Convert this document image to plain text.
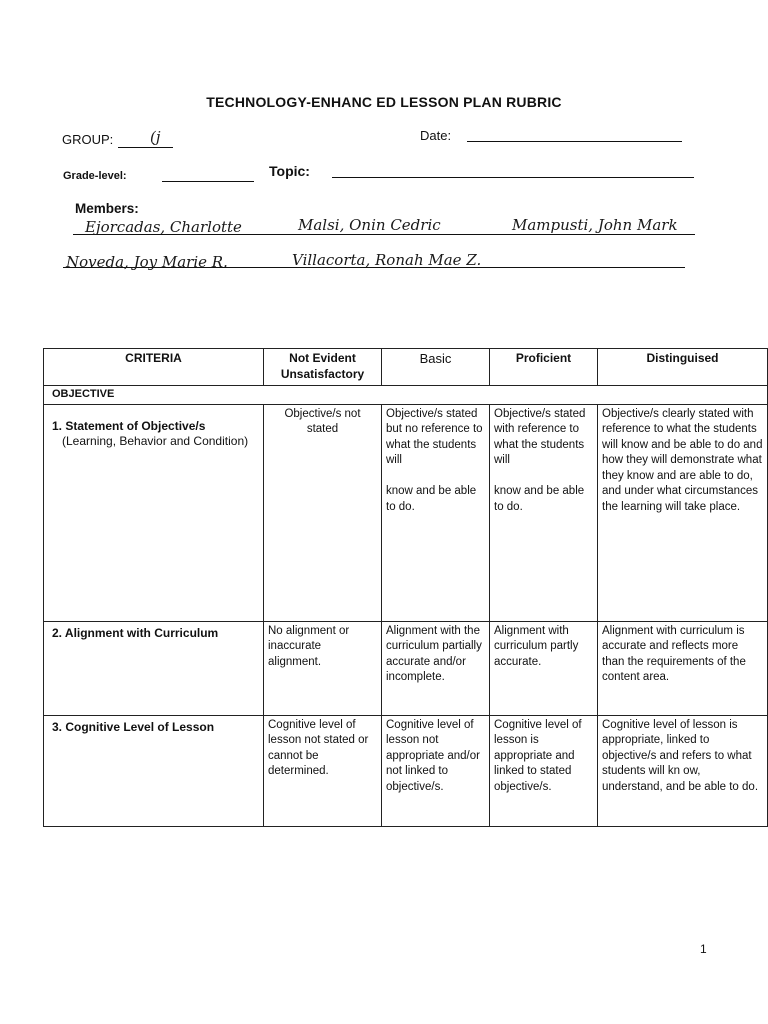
TECHNOLOGY-ENHANC ED LESSON PLAN RUBRIC
GROUP: (j	Date:
Grade-level:	Topic:
Members:
Ejorcadas, Charlotte	Malsi, Onin Cedric	Mampusti, John Mark
Noveda, Joy Marie R.	Villacorta, Ronah Mae Z.
CRITERIA	Not Evident Unsatisfactory	Basic	Proficient	Distinguised
OBJECTIVE				

1. Statement of Objective/s
(Learning, Behavior and Condition)	Objective/s not stated	Objective/s stated but no reference to what the students will

know and be able to do.	Objective/s stated with reference to what the students will

know and be able to do.	Objective/s clearly stated with reference to what the students will know and be able to do and how they will demonstrate what they know and are able to do, and under what circumstances the learning will take place.

2. Alignment with Curriculum	No alignment or inaccurate alignment.	Alignment with the curriculum partially accurate and/or incomplete.	Alignment with curriculum partly accurate.	Alignment with curriculum is accurate and reflects more than the requirements of the content area.

3. Cognitive Level of Lesson	Cognitive level of lesson not stated or cannot be determined.	Cognitive level of lesson not appropriate and/or not linked to objective/s.	Cognitive level of lesson is appropriate and linked to stated objective/s.	Cognitive level of lesson is appropriate, linked to objective/s and refers to what students will kn ow, understand, and be able to do.
1
